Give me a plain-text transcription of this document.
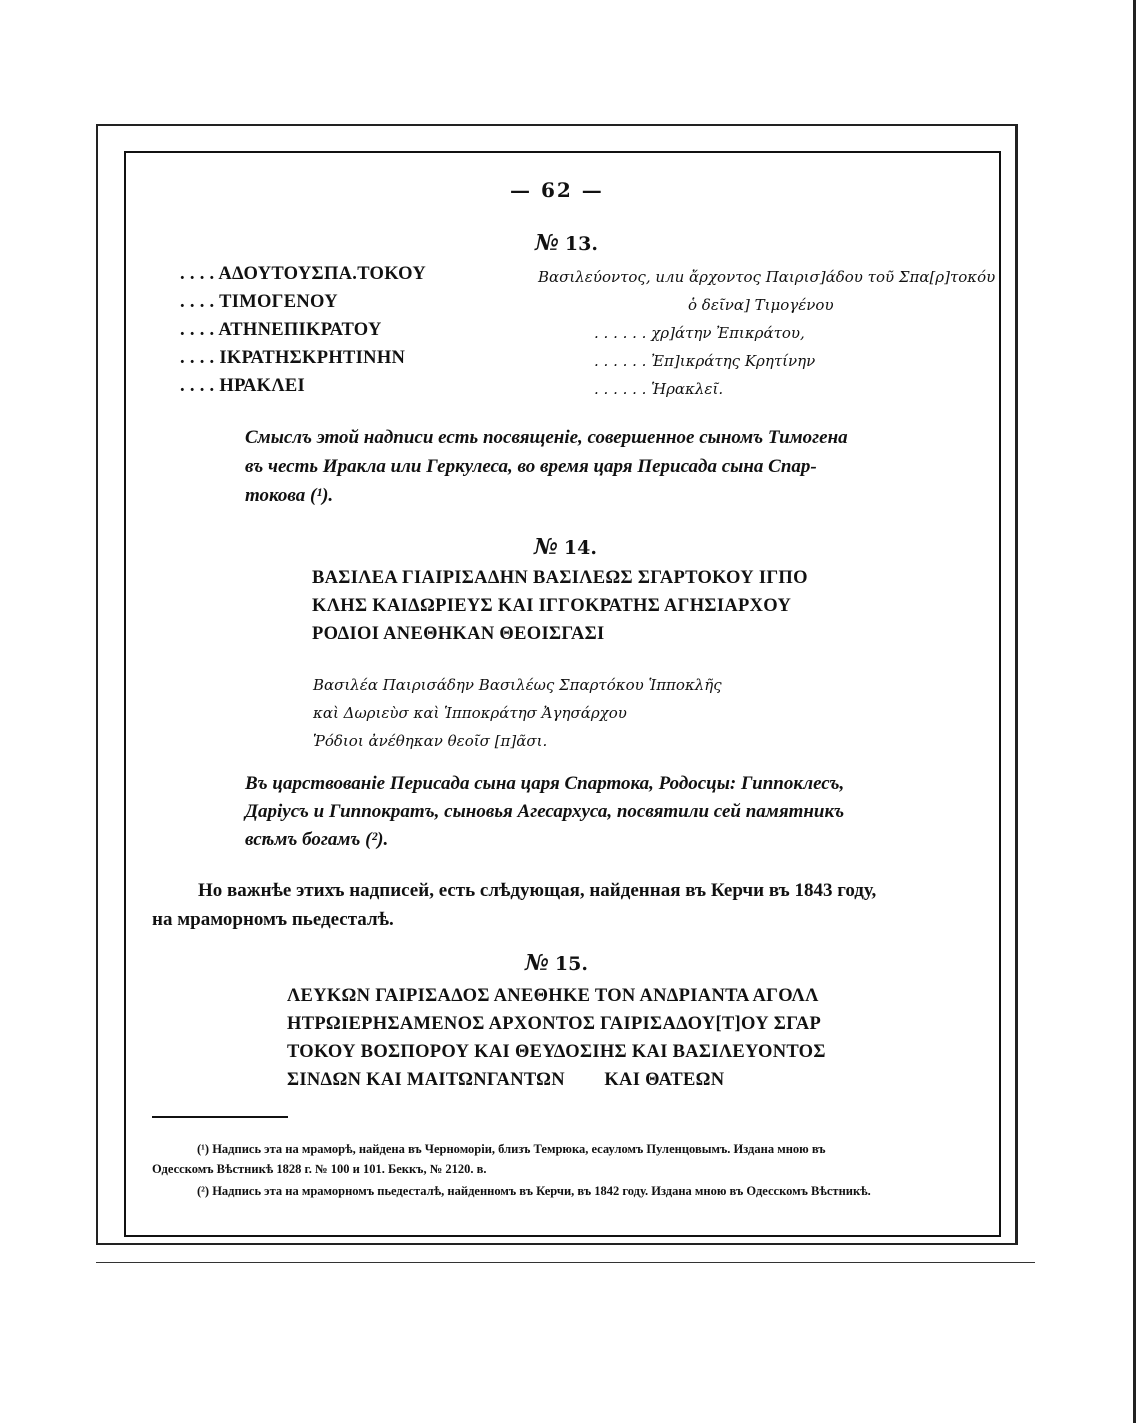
— 62 —
№ 13.
. . . . ΑΔΟΥΤΟΥΣΠΑ.ΤΟΚΟΥ
. . . . ΤΙΜΟΓΕΝΟΥ
. . . . ΑΤΗΝΕΠΙΚΡΑΤΟΥ
. . . . ΙΚΡΑΤΗΣΚΡΗΤΙΝΗΝ
. . . . ΗΡΑΚΛΕΙ
Βασιλεύοντος, или ἄρχοντος Παιρισ]άδου τοῦ Σπα[ρ]τοκόυ
ὁ δεῖνα] Τιμογένου
. . . . . . χρ]άτην Ἐπικράτου,
. . . . . . Ἐπ]ικράτης Κρητίνην
. . . . . . Ἡρακλεῖ.
Смыслъ этой надписи есть посвященіе, совершенное сыномъ Тимогена
въ честь Иракла или Геркулеса, во время царя Перисада сына Спар-
токова (¹).
№ 14.
ΒΑΣΙΛΕΑ ΓΙΑΙΡΙΣΑΔΗΝ ΒΑΣΙΛΕΩΣ ΣΓΑΡΤΟΚΟΥ ΙΓΠΟ
ΚΛΗΣ ΚΑΙΔΩΡΙΕΥΣ ΚΑΙ ΙΓΓΟΚΡΑΤΗΣ ΑΓΗΣΙΑΡΧΟΥ
ΡΟΔΙΟΙ ΑΝΕΘΗΚΑΝ ΘΕΟΙΣΓΑΣΙ
Βασιλέα Παιρισάδην Βασιλέως Σπαρτόκου Ἱπποκλῆς
καὶ Δωριεὺσ καὶ Ἱπποκράτησ Ἀγησάρχου
Ῥόδιοι ἀνέθηκαν θεοῖσ [π]ᾶσι.
Въ царствованіе Перисада сына царя Спартока, Родосцы: Гиппоклесъ,
Даріусъ и Гиппократъ, сыновья Агесархуса, посвятили сей памятникъ
всѣмъ богамъ (²).
Но важнѣе этихъ надписей, есть слѣдующая, найденная въ Керчи въ 1843 году,
на мраморномъ пьедесталѣ.
№ 15.
ΛΕΥΚΩΝ ΓΑΙΡΙΣΑΔΟΣ ΑΝΕΘΗΚΕ ΤΟΝ ΑΝΔΡΙΑΝΤΑ ΑΓΟΛΛ
ΗΤΡΩΙΕΡΗΣΑΜΕΝΟΣ ΑΡΧΟΝΤΟΣ ΓΑΙΡΙΣΑΔΟΥ[Τ]ΟΥ ΣΓΑΡ
ΤΟΚΟΥ ΒΟΣΠΟΡΟΥ ΚΑΙ ΘΕΥΔΟΣΙΗΣ ΚΑΙ ΒΑΣΙΛΕΥΟΝΤΟΣ
ΣΙΝΔΩΝ ΚΑΙ ΜΑΙΤΩΝΓΑΝΤΩΝ        ΚΑΙ ΘΑΤΕΩΝ
(¹) Надпись эта на мраморѣ, найдена въ Черноморіи, близъ Темрюка, есауломъ Пуленцовымъ. Издана мною въ
Одесскомъ Вѣстникѣ 1828 г. № 100 и 101. Беккъ, № 2120. в.
(²) Надпись эта на мраморномъ пьедесталѣ, найденномъ въ Керчи, въ 1842 году. Издана мною въ Одесскомъ Вѣстникѣ.
